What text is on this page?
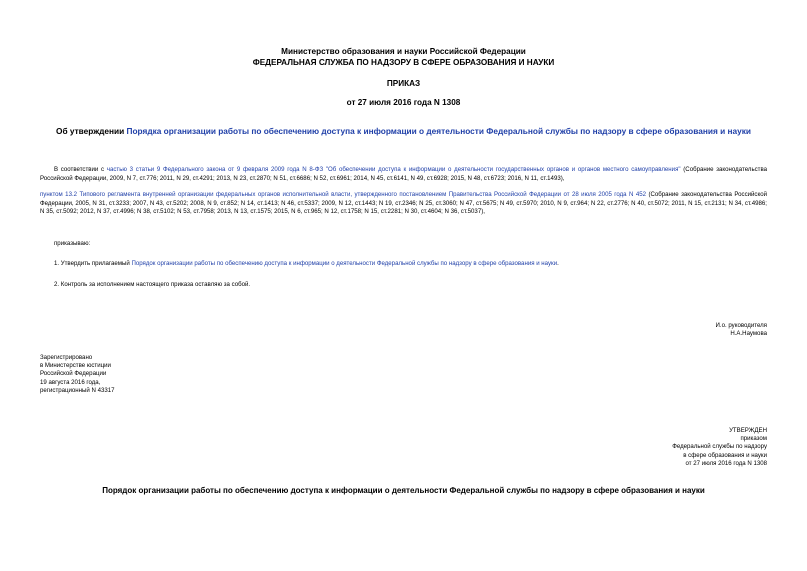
Министерство образования и науки Российской Федерации
ФЕДЕРАЛЬНАЯ СЛУЖБА ПО НАДЗОРУ В СФЕРЕ ОБРАЗОВАНИЯ И НАУКИ
ПРИКАЗ
от 27 июля 2016 года N 1308
Об утверждении Порядка организации работы по обеспечению доступа к информации о деятельности Федеральной службы по надзору в сфере образования и науки
В соответствии с частью 3 статьи 9 Федерального закона от 9 февраля 2009 года N 8-ФЗ "Об обеспечении доступа к информации о деятельности государственных органов и органов местного самоуправления" (Собрание законодательства Российской Федерации, 2009, N 7, ст.776; 2011, N 29, ст.4291; 2013, N 23, ст.2870; N 51, ст.6686; N 52, ст.6961; 2014, N 45, ст.6141, N 49, ст.6928; 2015, N 48, ст.6723; 2016, N 11, ст.1493),
пунктом 13.2 Типового регламента внутренней организации федеральных органов исполнительной власти, утвержденного постановлением Правительства Российской Федерации от 28 июля 2005 года N 452 (Собрание законодательства Российской Федерации, 2005, N 31, ст.3233; 2007, N 43, ст.5202; 2008, N 9, ст.852; N 14, ст.1413; N 46, ст.5337; 2009, N 12, ст.1443; N 19, ст.2346; N 25, ст.3060; N 47, ст.5675; N 49, ст.5970; 2010, N 9, ст.964; N 22, ст.2776; N 40, ст.5072; 2011, N 15, ст.2131; N 34, ст.4986; N 35, ст.5092; 2012, N 37, ст.4996; N 38, ст.5102; N 53, ст.7958; 2013, N 13, ст.1575; 2015, N 6, ст.965; N 12, ст.1758; N 15, ст.2281; N 30, ст.4604; N 36, ст.5037),
приказываю:
1. Утвердить прилагаемый Порядок организации работы по обеспечению доступа к информации о деятельности Федеральной службы по надзору в сфере образования и науки.
2. Контроль за исполнением настоящего приказа оставляю за собой.
И.о. руководителя
Н.А.Наумова
Зарегистрировано
в Министерстве юстиции
Российской Федерации
19 августа 2016 года,
регистрационный N 43317
УТВЕРЖДЕН
приказом
Федеральной службы по надзору
в сфере образования и науки
от 27 июля 2016 года N 1308
Порядок организации работы по обеспечению доступа к информации о деятельности Федеральной службы по надзору в сфере образования и науки
